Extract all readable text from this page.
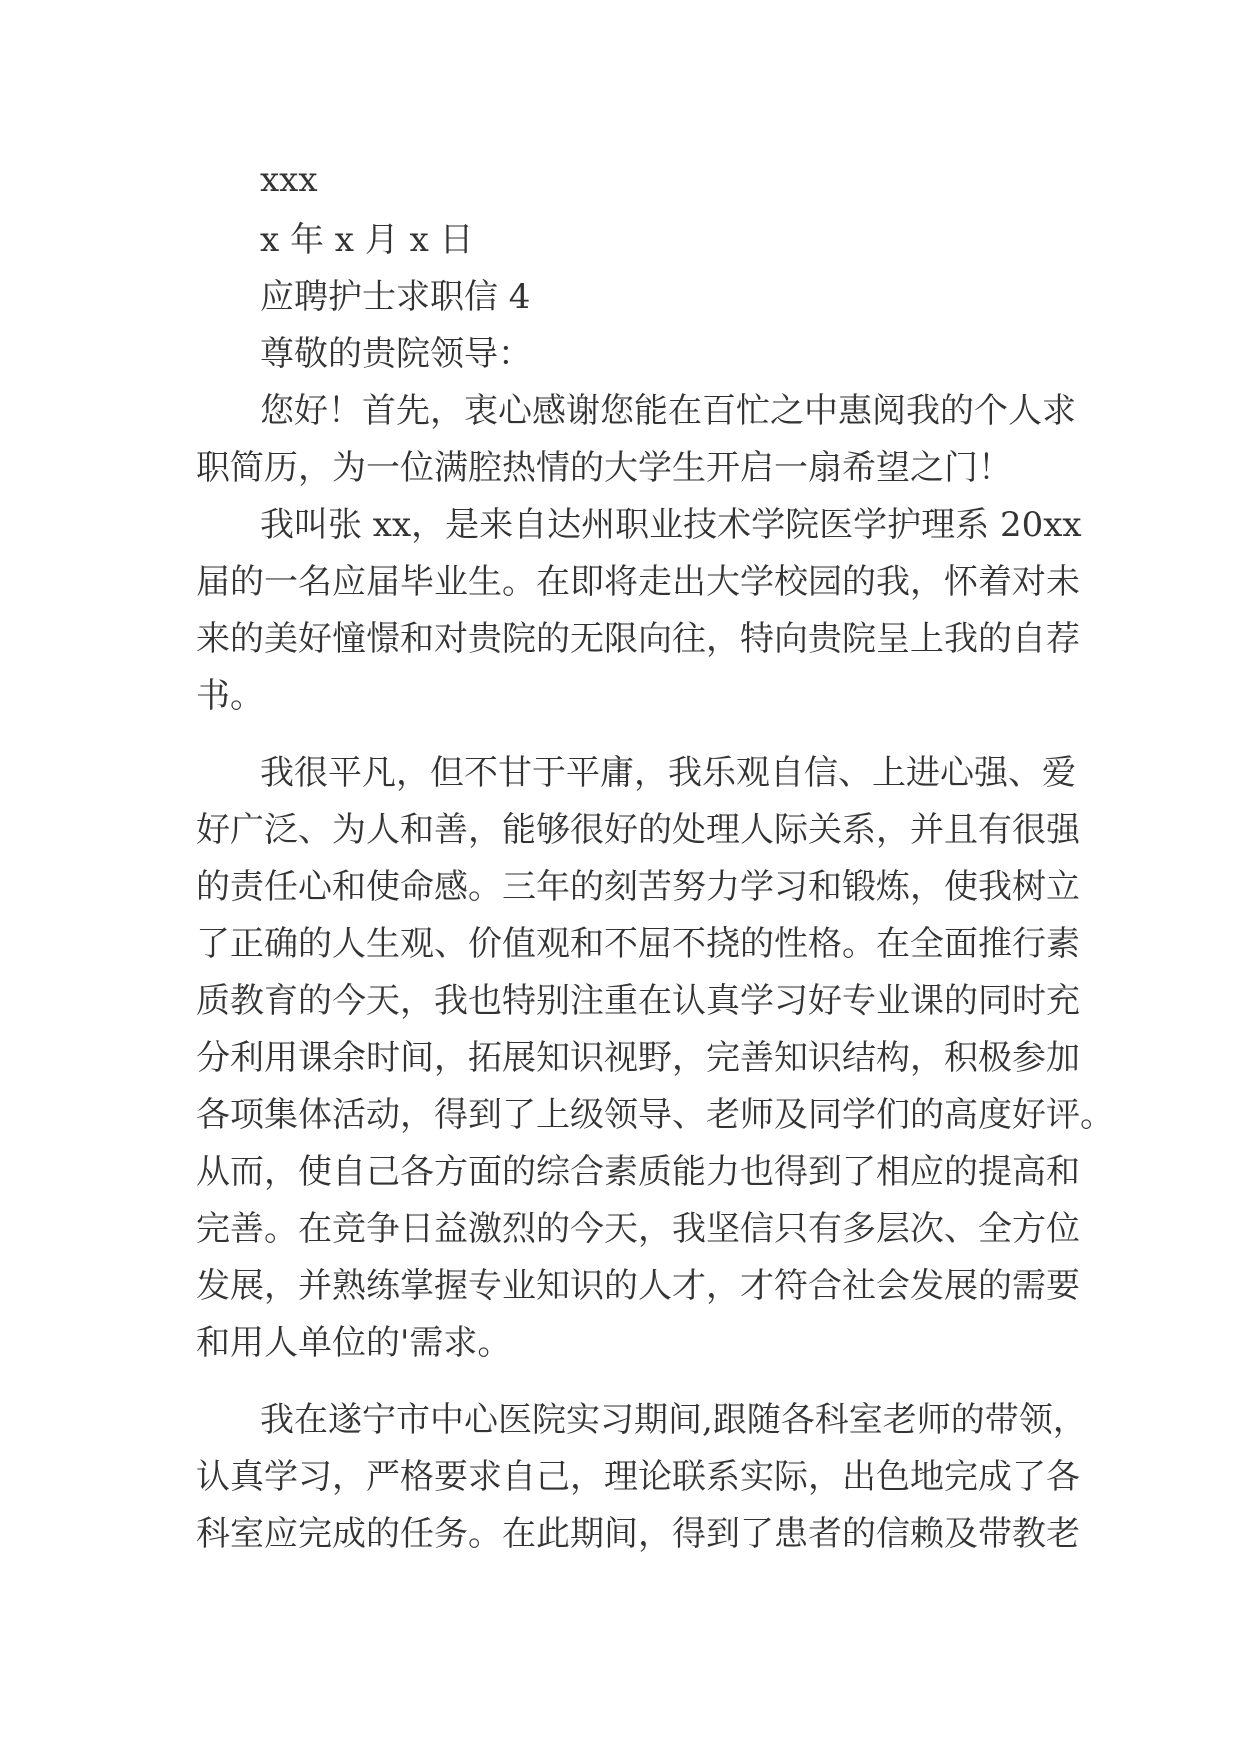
xxx
x 年 x 月 x 日
应聘护士求职信 4
尊敬的贵院领导：
您好！首先，衷心感谢您能在百忙之中惠阅我的个人求
职简历，为一位满腔热情的大学生开启一扇希望之门！
我叫张 xx，是来自达州职业技术学院医学护理系 20xx
届的一名应届毕业生。在即将走出大学校园的我，怀着对未
来的美好憧憬和对贵院的无限向往，特向贵院呈上我的自荐
书。
我很平凡，但不甘于平庸，我乐观自信、上进心强、爱
好广泛、为人和善，能够很好的处理人际关系，并且有很强
的责任心和使命感。三年的刻苦努力学习和锻炼，使我树立
了正确的人生观、价值观和不屈不挠的性格。在全面推行素
质教育的今天，我也特别注重在认真学习好专业课的同时充
分利用课余时间，拓展知识视野，完善知识结构，积极参加
各项集体活动，得到了上级领导、老师及同学们的高度好评。
从而，使自己各方面的综合素质能力也得到了相应的提高和
完善。在竞争日益激烈的今天，我坚信只有多层次、全方位
发展，并熟练掌握专业知识的人才，才符合社会发展的需要
和用人单位的'需求。
我在遂宁市中心医院实习期间,跟随各科室老师的带领，
认真学习，严格要求自己，理论联系实际，出色地完成了各
科室应完成的任务。在此期间，得到了患者的信赖及带教老
